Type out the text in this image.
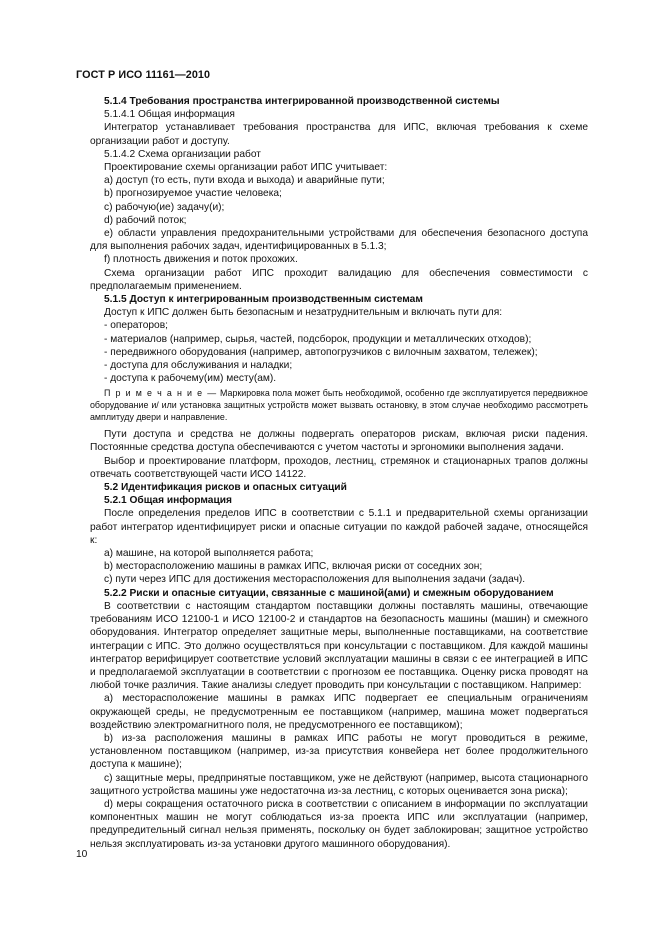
ГОСТ Р ИСО 11161—2010
5.1.4 Требования пространства интегрированной производственной системы
5.1.4.1 Общая информация
Интегратор устанавливает требования пространства для ИПС, включая требования к схеме организации работ и доступу.
5.1.4.2 Схема организации работ
Проектирование схемы организации работ ИПС учитывает:
a) доступ (то есть, пути входа и выхода) и аварийные пути;
b) прогнозируемое участие человека;
c) рабочую(ие) задачу(и);
d) рабочий поток;
e) области управления предохранительными устройствами для обеспечения безопасного доступа для выполнения рабочих задач, идентифицированных в 5.1.3;
f) плотность движения и поток прохожих.
Схема организации работ ИПС проходит валидацию для обеспечения совместимости с предполагаемым применением.
5.1.5 Доступ к интегрированным производственным системам
Доступ к ИПС должен быть безопасным и незатруднительным и включать пути для:
- операторов;
- материалов (например, сырья, частей, подсборок, продукции и металлических отходов);
- передвижного оборудования (например, автопогрузчиков с вилочным захватом, тележек);
- доступа для обслуживания и наладки;
- доступа к рабочему(им) месту(ам).
П р и м е ч а н и е — Маркировка пола может быть необходимой, особенно где эксплуатируется передвижное оборудование и/ или установка защитных устройств может вызвать остановку, в этом случае необходимо рассмотреть амплитуду двери и направление.
Пути доступа и средства не должны подвергать операторов рискам, включая риски падения. Постоянные средства доступа обеспечиваются с учетом частоты и эргономики выполнения задачи.
Выбор и проектирование платформ, проходов, лестниц, стремянок и стационарных трапов должны отвечать соответствующей части ИСО 14122.
5.2 Идентификация рисков и опасных ситуаций
5.2.1 Общая информация
После определения пределов ИПС в соответствии с 5.1.1 и предварительной схемы организации работ интегратор идентифицирует риски и опасные ситуации по каждой рабочей задаче, относящейся к:
a) машине, на которой выполняется работа;
b) месторасположению машины в рамках ИПС, включая риски от соседних зон;
c) пути через ИПС для достижения месторасположения для выполнения задачи (задач).
5.2.2 Риски и опасные ситуации, связанные с машиной(ами) и смежным оборудованием
В соответствии с настоящим стандартом поставщики должны поставлять машины, отвечающие требованиям ИСО 12100-1 и ИСО 12100-2 и стандартов на безопасность машины (машин) и смежного оборудования. Интегратор определяет защитные меры, выполненные поставщиками, на соответствие интеграции с ИПС. Это должно осуществляться при консультации с поставщиком. Для каждой машины интегратор верифицирует соответствие условий эксплуатации машины в связи с ее интеграцией в ИПС и предполагаемой эксплуатации в соответствии с прогнозом ее поставщика. Оценку риска проводят на любой точке различия. Такие анализы следует проводить при консультации с поставщиком. Например:
a) месторасположение машины в рамках ИПС подвергает ее специальным ограничениям окружающей среды, не предусмотренным ее поставщиком (например, машина может подвергаться воздействию электромагнитного поля, не предусмотренного ее поставщиком);
b) из-за расположения машины в рамках ИПС работы не могут проводиться в режиме, установленном поставщиком (например, из-за присутствия конвейера нет более продолжительного доступа к машине);
c) защитные меры, предпринятые поставщиком, уже не действуют (например, высота стационарного защитного устройства машины уже недостаточна из-за лестниц, с которых оценивается зона риска);
d) меры сокращения остаточного риска в соответствии с описанием в информации по эксплуатации компонентных машин не могут соблюдаться из-за проекта ИПС или эксплуатации (например, предупредительный сигнал нельзя применять, поскольку он будет заблокирован; защитное устройство нельзя эксплуатировать из-за установки другого машинного оборудования).
10
